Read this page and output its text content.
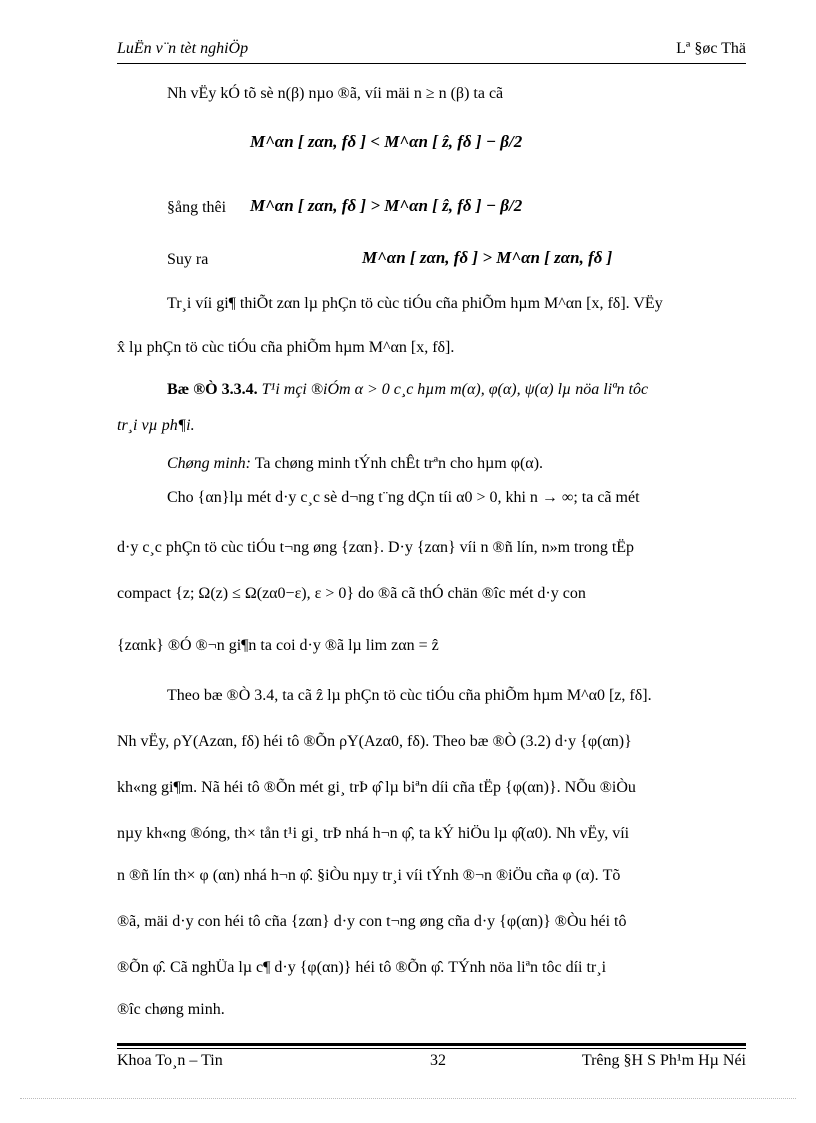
LuËn v¨n tèt nghiÖp	Lª §øc Thä
Nh vËy kÓ tõ sè n(β) nµo ®ã, víi mäi n ≥ n (β) ta cã
M^αn [ zαn, fδ ] < M^αn [ ẑ, fδ ] − β/2
§ång thêi	M^αn [ zαn, fδ ] > M^αn [ ẑ, fδ ] − β/2
Suy ra	M^αn [ zαn, fδ ] > M^αn [ zαn, fδ ]
Tr¸i víi gi¶ thiÕt zαn lµ phÇn tö cùc tiÓu cña phiÕm hµm M^αn [x, fδ]. VËy
x̂ lµ phÇn tö cùc tiÓu cña phiÕm hµm M^αn [x, fδ].
Bæ ®Ò 3.3.4. T¹i mçi ®iÓm α > 0 c¸c hµm m(α), φ(α), ψ(α) lµ nöa liªn tôc
tr¸i vµ ph¶i.
Chøng minh: Ta chøng minh tÝnh chÊt trªn cho hµm φ(α).
Cho {αn}lµ mét d·y c¸c sè d¬ng t¨ng dÇn tíi α0 > 0, khi n → ∞; ta cã mét
d·y c¸c phÇn tö cùc tiÓu t¬ng øng {zαn}. D·y {zαn} víi n ®ñ lín, n»m trong tËp
compact {z; Ω(z) ≤ Ω(zα0−ε), ε > 0} do ®ã cã thÓ chän ®îc mét d·y con
{zαnk} ®Ó ®¬n gi¶n ta coi d·y ®ã lµ lim zαn = ẑ
Theo bæ ®Ò 3.4, ta cã ẑ lµ phÇn tö cùc tiÓu cña phiÕm hµm M^α0 [z, fδ].
Nh vËy, ρY(Azαn, fδ) héi tô ®Õn ρY(Azα0, fδ). Theo bæ ®Ò (3.2) d·y {φ(αn)}
kh«ng gi¶m. Nã héi tô ®Õn mét gi¸ trÞ φ̂ lµ biªn díi cña tËp {φ(αn)}. NÕu ®iÒu
nµy kh«ng ®óng, th× tån t¹i gi¸ trÞ nhá h¬n φ̂, ta kÝ hiÖu lµ φ̂(α0). Nh vËy, víi
n ®ñ lín th× φ (αn) nhá h¬n φ̂. §iÒu nµy tr¸i víi tÝnh ®¬n ®iÖu cña φ (α). Tõ
®ã, mäi d·y con héi tô cña {zαn} d·y con t¬ng øng cña d·y {φ(αn)} ®Òu héi tô
®Õn φ̂. Cã nghÜa lµ c¶ d·y {φ(αn)} héi tô ®Õn φ̂. TÝnh nöa liªn tôc díi tr¸i
®îc chøng minh.
Khoa To¸n – Tin	32	Trêng §H S Ph¹m Hµ Néi
